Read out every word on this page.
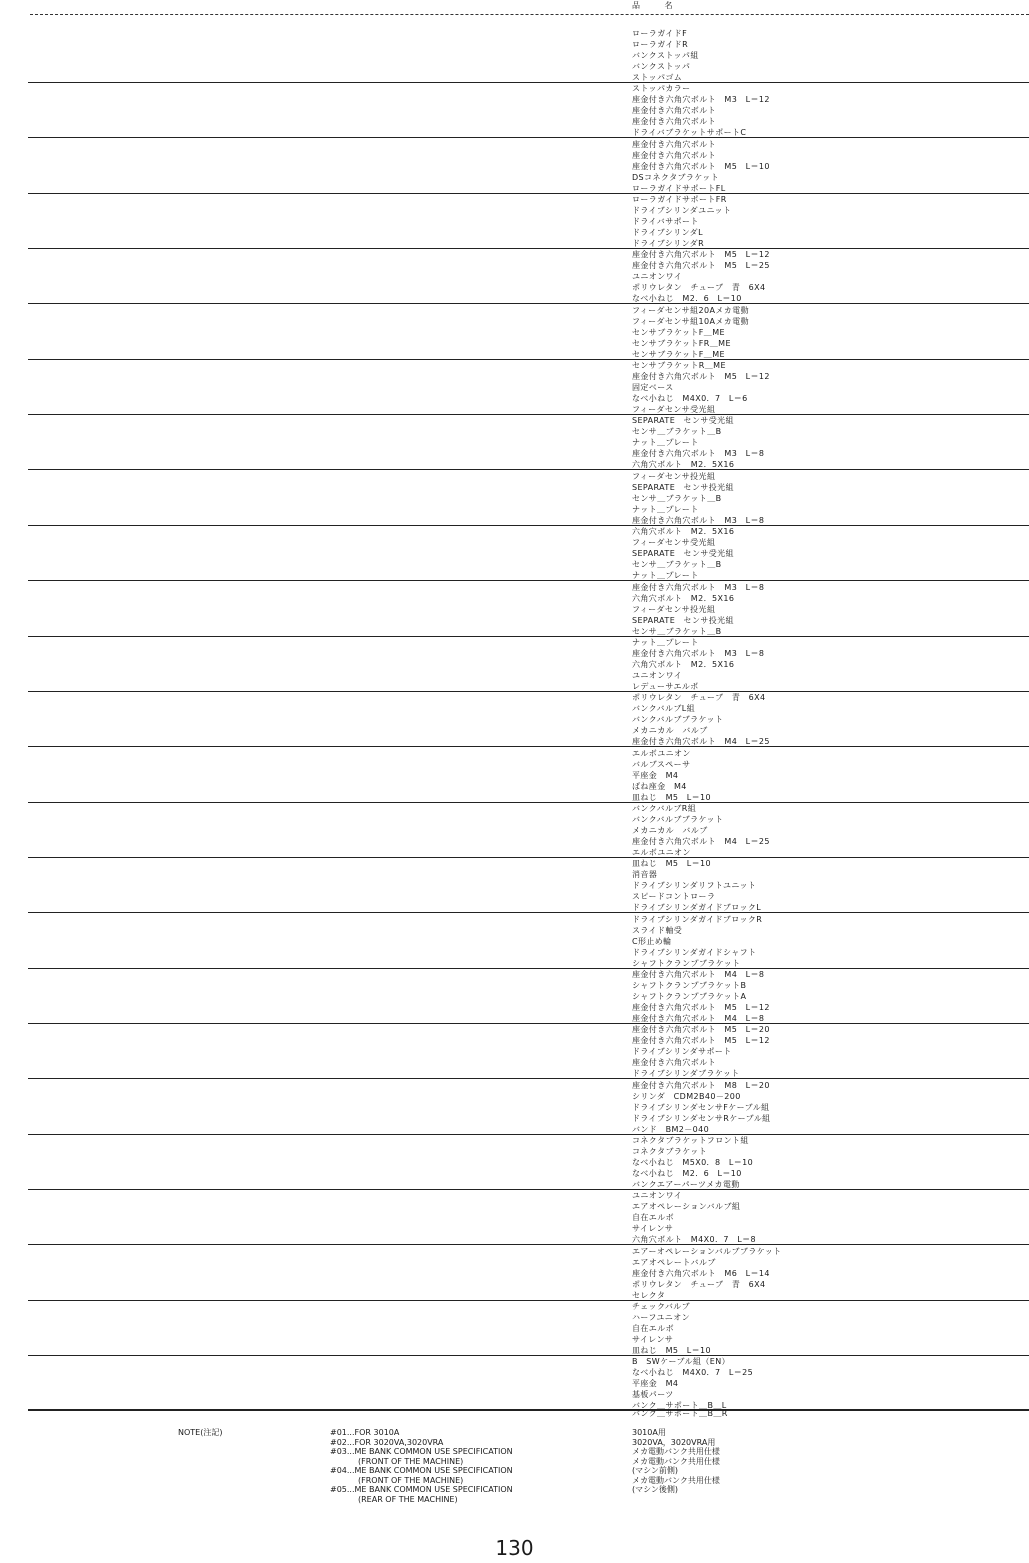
品 名
ローラガイドF
ローラガイドR
バンクストッパ組
バンクストッパ
ストッパゴム
ストッパカラー
座金付き六角穴ボルト　M3　L＝12
座金付き六角穴ボルト
座金付き六角穴ボルト
ドライバブラケットサポートC
座金付き六角穴ボルト
座金付き六角穴ボルト
座金付き六角穴ボルト　M5　L＝10
DSコネクタブラケット
ローラガイドサポートFL
ローラガイドサポートFR
ドライブシリンダユニット
ドライバサポート
ドライブシリンダL
ドライブシリンダR
座金付き六角穴ボルト　M5　L＝12
座金付き六角穴ボルト　M5　L＝25
ユニオンワイ
ポリウレタン　チューブ　青　6X4
なべ小ねじ　M2．6　L＝10
フィーダセンサ組20Aメカ電動
フィーダセンサ組10Aメカ電動
センサブラケットF＿ME
センサブラケットFR＿ME
センサブラケットF＿ME
センサブラケットR＿ME
座金付き六角穴ボルト　M5　L＝12
固定ベース
なべ小ねじ　M4X0．7　L＝6
フィーダセンサ受光組
SEPARATE　センサ受光組
センサ＿ブラケット＿B
ナット＿プレート
座金付き六角穴ボルト　M3　L＝8
六角穴ボルト　M2．5X16
フィーダセンサ投光組
SEPARATE　センサ投光組
センサ＿ブラケット＿B
ナット＿プレート
座金付き六角穴ボルト　M3　L＝8
六角穴ボルト　M2．5X16
フィーダセンサ受光組
SEPARATE　センサ受光組
センサ＿ブラケット＿B
ナット＿プレート
座金付き六角穴ボルト　M3　L＝8
六角穴ボルト　M2．5X16
フィーダセンサ投光組
SEPARATE　センサ投光組
センサ＿ブラケット＿B
ナット＿プレート
座金付き六角穴ボルト　M3　L＝8
六角穴ボルト　M2．5X16
ユニオンワイ
レデューサエルボ
ポリウレタン　チューブ　青　6X4
バンクバルブL組
バンクバルブブラケット
メカニカル　バルブ
座金付き六角穴ボルト　M4　L＝25
エルボユニオン
バルブスペーサ
平座金　M4
ばね座金　M4
皿ねじ　M5　L＝10
バンクバルブR組
バンクバルブブラケット
メカニカル　バルブ
座金付き六角穴ボルト　M4　L＝25
エルボユニオン
皿ねじ　M5　L＝10
消音器
ドライブシリンダリフトユニット
スピードコントローラ
ドライブシリンダガイドブロックL
ドライブシリンダガイドブロックR
スライド軸受
C形止め輪
ドライブシリンダガイドシャフト
シャフトクランプブラケット
座金付き六角穴ボルト　M4　L＝8
シャフトクランプブラケットB
シャフトクランプブラケットA
座金付き六角穴ボルト　M5　L＝12
座金付き六角穴ボルト　M4　L＝8
座金付き六角穴ボルト　M5　L＝20
座金付き六角穴ボルト　M5　L＝12
ドライブシリンダサポート
座金付き六角穴ボルト
ドライブシリンダブラケット
座金付き六角穴ボルト　M8　L＝20
シリンダ　CDM2B40－200
ドライブシリンダセンサFケーブル組
ドライブシリンダセンサRケーブル組
バンド　BM2－040
コネクタブラケットフロント組
コネクタブラケット
なべ小ねじ　M5X0．8　L＝10
なべ小ねじ　M2．6　L＝10
バンクエアーパーツメカ電動
ユニオンワイ
エアオペレーションバルブ組
自在エルボ
サイレンサ
六角穴ボルト　M4X0．7　L＝8
エアーオペレーションバルブブラケット
エアオペレートバルブ
座金付き六角穴ボルト　M6　L＝14
ポリウレタン　チューブ　青　6X4
セレクタ
チェックバルブ
ハーフユニオン
自在エルボ
サイレンサ
皿ねじ　M5　L＝10
B　SWケーブル組（EN）
なべ小ねじ　M4X0．7　L＝25
平座金　M4
基板パーツ
バンク＿サポート＿B＿L
バンク＿サポート＿B＿R
NOTE(注記)	#01...FOR 3010A
#02...FOR 3020VA,3020VRA
#03...ME BANK COMMON USE SPECIFICATION
(FRONT OF THE MACHINE)
#04...ME BANK COMMON USE SPECIFICATION
(FRONT OF THE MACHINE)
#05...ME BANK COMMON USE SPECIFICATION
(REAR OF THE MACHINE)
3010A用
3020VA，3020VRA用
メカ電動バンク共用仕様
メカ電動バンク共用仕様
(マシン前側)
メカ電動バンク共用仕様
(マシン後側)
130
